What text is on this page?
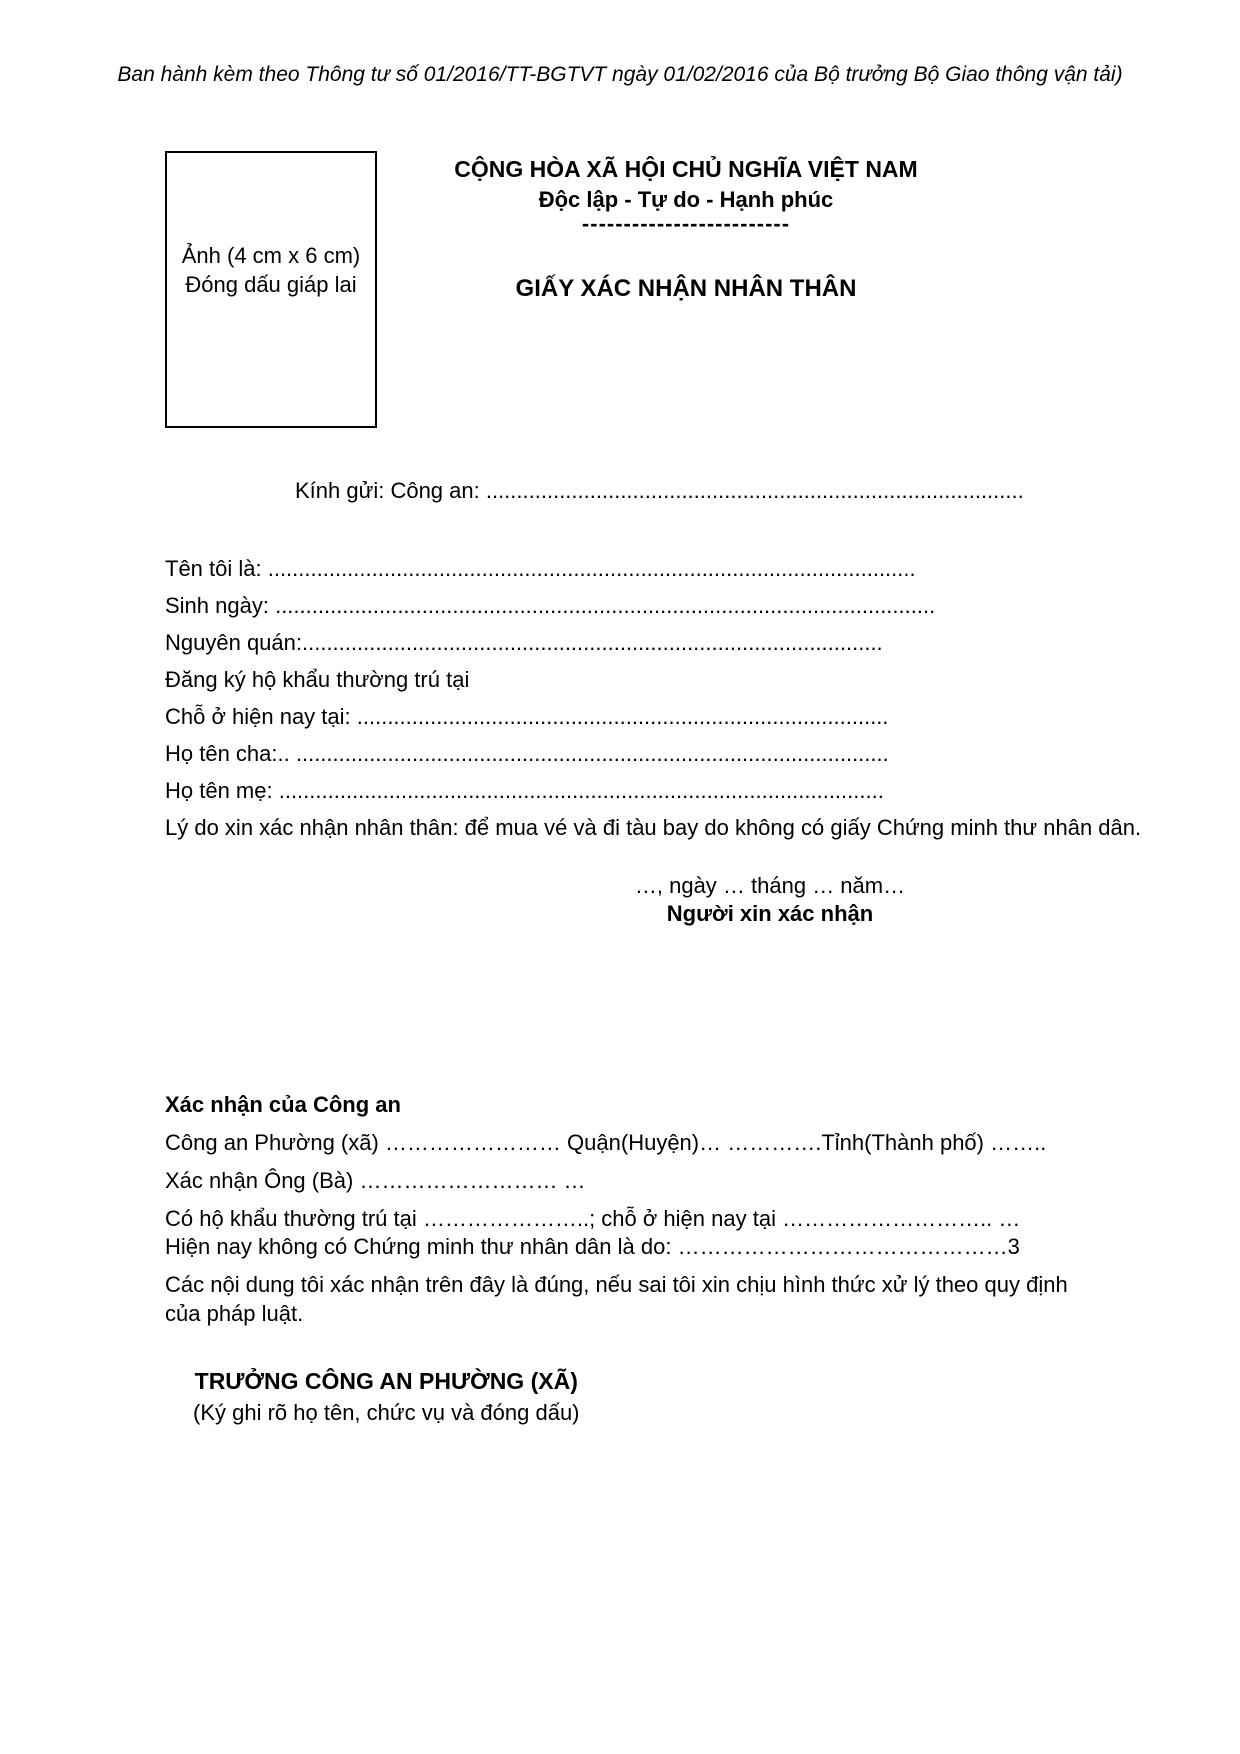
Ban hành kèm theo Thông tư số 01/2016/TT-BGTVT ngày 01/02/2016 của Bộ trưởng Bộ Giao thông vận tải)
Ảnh (4 cm x 6 cm)
Đóng dấu giáp lai
CỘNG HÒA XÃ HỘI CHỦ NGHĨA VIỆT NAM
Độc lập - Tự do - Hạnh phúc
-------------------------
GIẤY XÁC NHẬN NHÂN THÂN
Kính gửi: Công an: ........................................................................................
Tên tôi là: ..........................................................................................................
Sinh ngày: ............................................................................................................
Nguyên quán:...............................................................................................
Đăng ký hộ khẩu thường trú tại
Chỗ ở hiện nay tại: .......................................................................................
Họ tên cha:.. .................................................................................................
Họ tên mẹ: ...................................................................................................
Lý do xin xác nhận nhân thân: để mua vé và đi tàu bay do không có giấy Chứng minh thư nhân dân.
…, ngày … tháng … năm…
Người xin xác nhận
Xác nhận của Công an
Công an Phường (xã) …………………… Quận(Huyện)… ………….Tỉnh(Thành phố) ……..
Xác nhận Ông (Bà) ……………………… …
Có hộ khẩu thường trú tại …………………..; chỗ ở hiện nay tại ……………………….. …
Hiện nay không có Chứng minh thư nhân dân là do: ………………………………………3
Các nội dung tôi xác nhận trên đây là đúng, nếu sai tôi xin chịu hình thức xử lý theo quy định của pháp luật.
TRƯỞNG CÔNG AN PHƯỜNG (XÃ)
(Ký ghi rõ họ tên, chức vụ và đóng dấu)
